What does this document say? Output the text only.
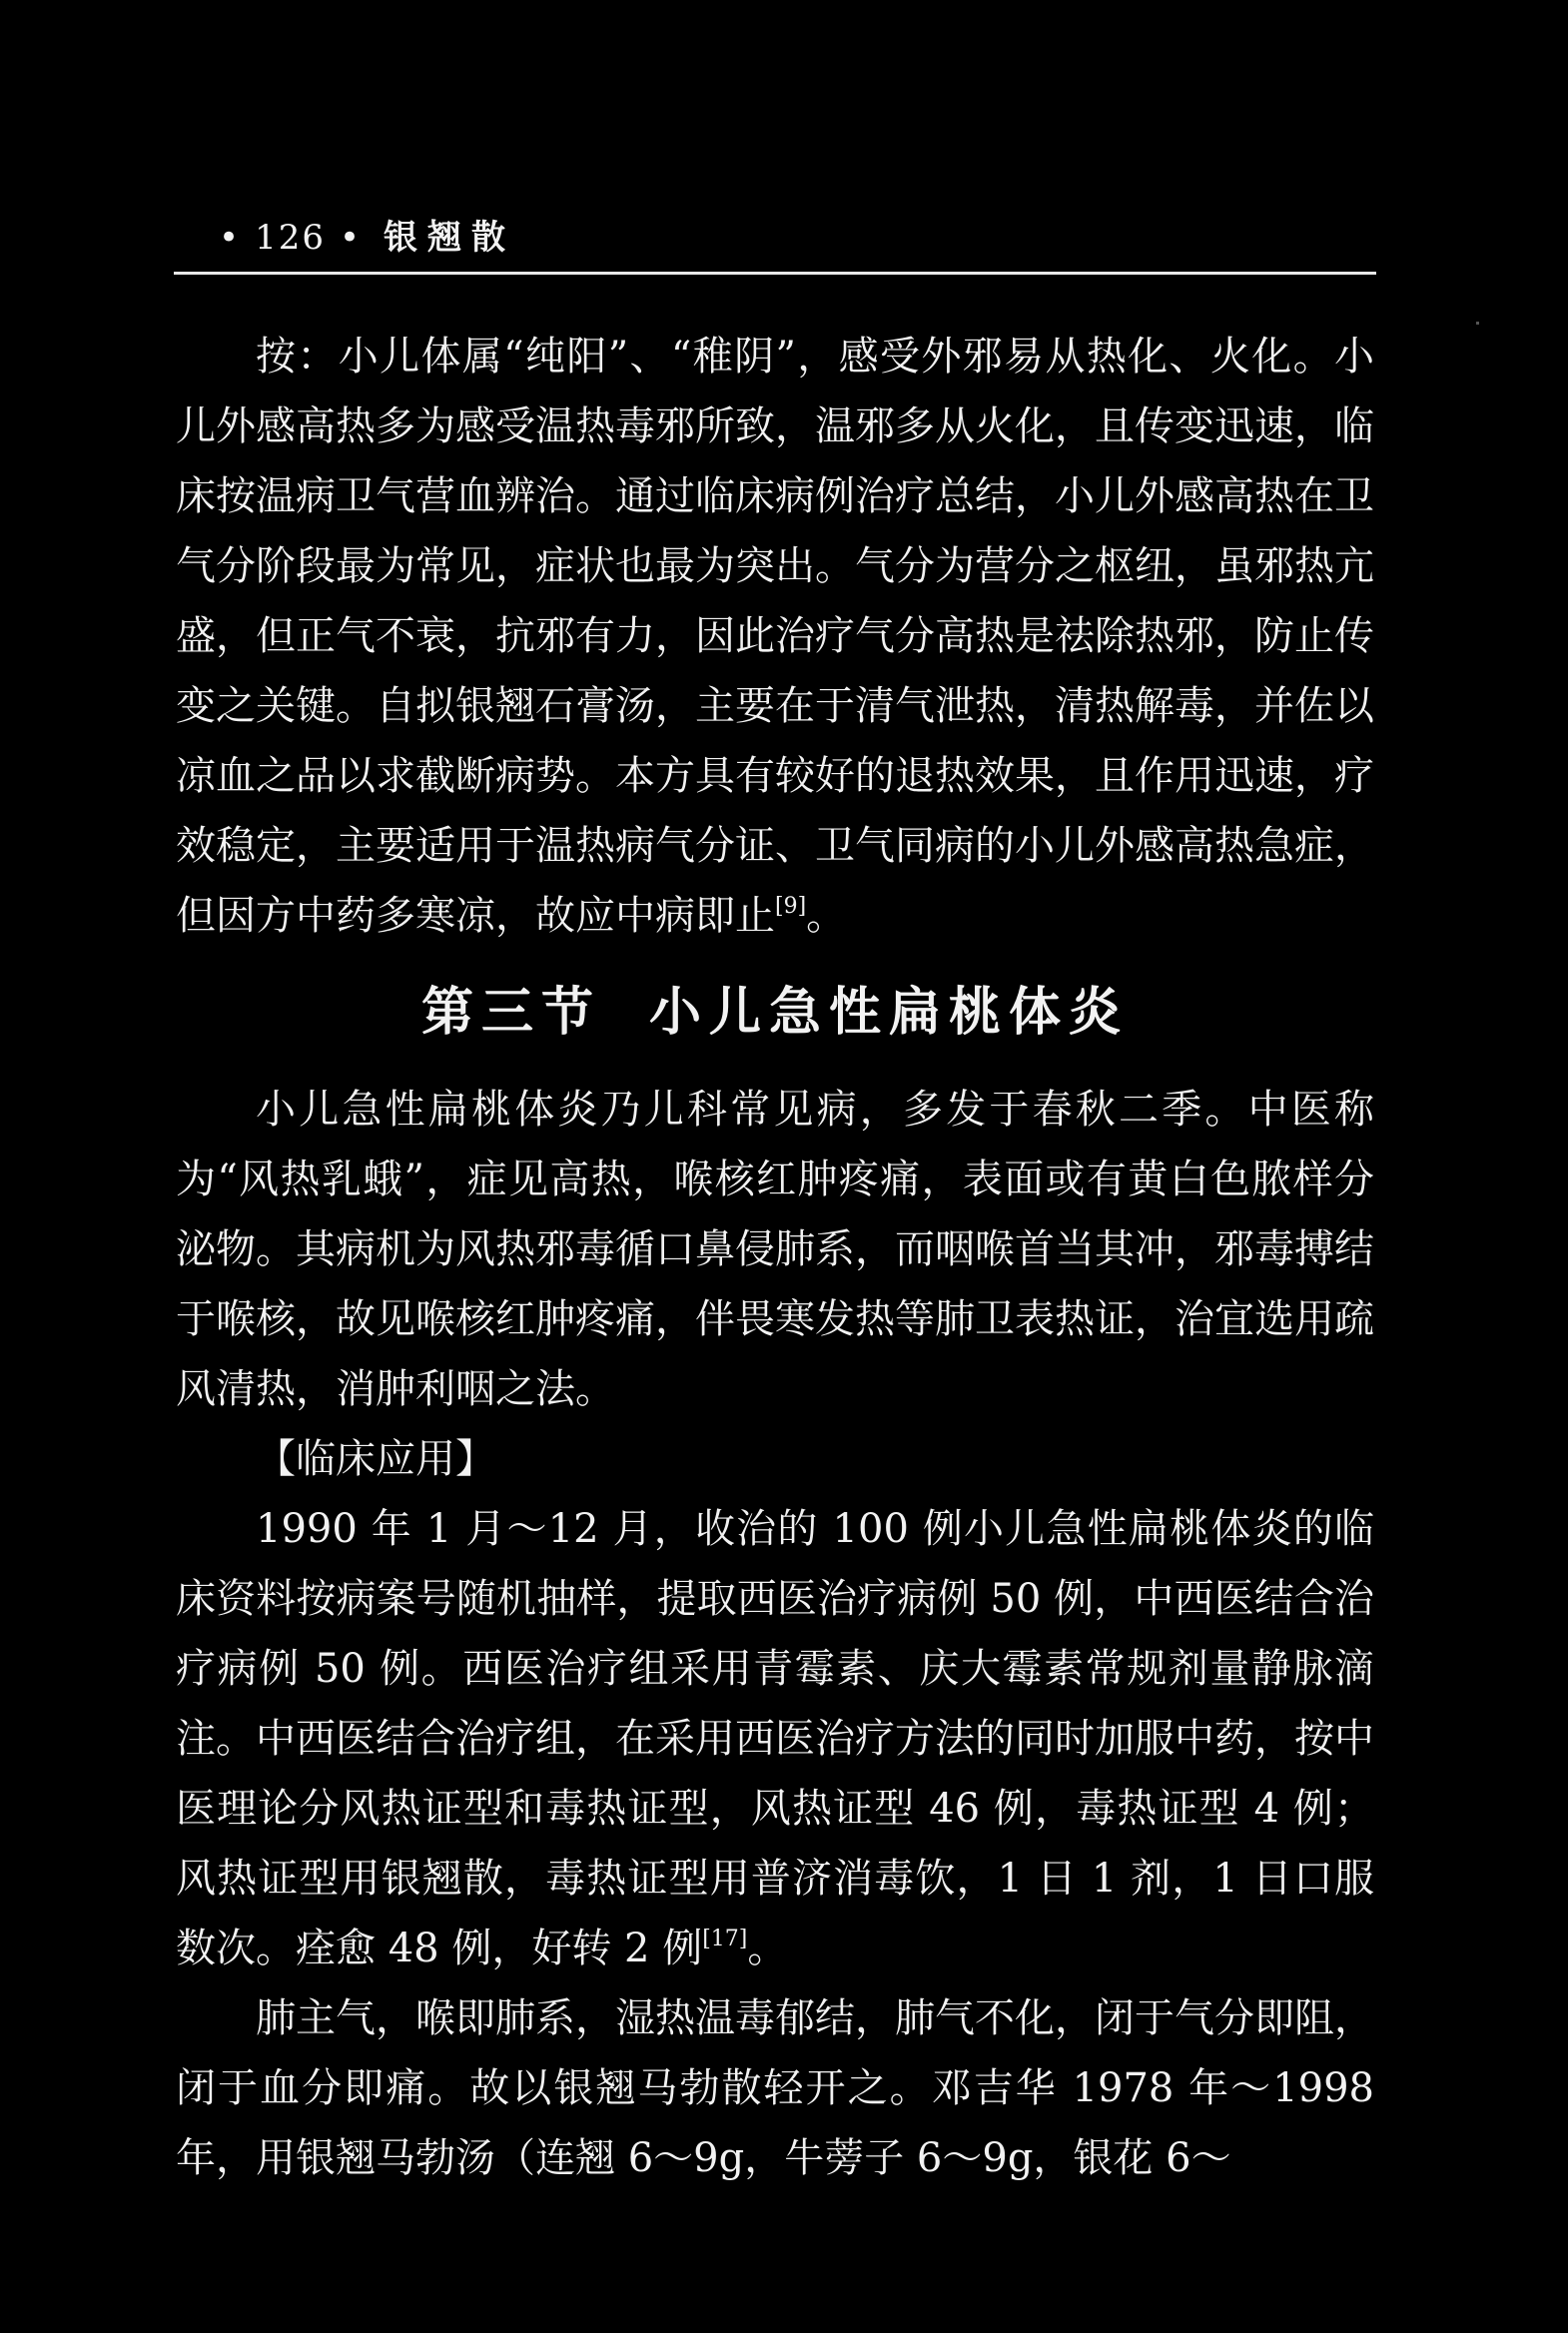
• 126 • 银翘散

按：小儿体属“纯阳”、“稚阴”，感受外邪易从热化、火化。小儿外感高热多为感受温热毒邪所致，温邪多从火化，且传变迅速，临床按温病卫气营血辨治。通过临床病例治疗总结，小儿外感高热在卫气分阶段最为常见，症状也最为突出。气分为营分之枢纽，虽邪热亢盛，但正气不衰，抗邪有力，因此治疗气分高热是祛除热邪，防止传变之关键。自拟银翘石膏汤，主要在于清气泄热，清热解毒，并佐以凉血之品以求截断病势。本方具有较好的退热效果，且作用迅速，疗效稳定，主要适用于温热病气分证、卫气同病的小儿外感高热急症，但因方中药多寒凉，故应中病即止[9]。

第三节 小儿急性扁桃体炎

小儿急性扁桃体炎乃儿科常见病，多发于春秋二季。中医称为“风热乳蛾”，症见高热，喉核红肿疼痛，表面或有黄白色脓样分泌物。其病机为风热邪毒循口鼻侵肺系，而咽喉首当其冲，邪毒搏结于喉核，故见喉核红肿疼痛，伴畏寒发热等肺卫表热证，治宜选用疏风清热，消肿利咽之法。

【临床应用】

1990 年 1 月～12 月，收治的 100 例小儿急性扁桃体炎的临床资料按病案号随机抽样，提取西医治疗病例 50 例，中西医结合治疗病例 50 例。西医治疗组采用青霉素、庆大霉素常规剂量静脉滴注。中西医结合治疗组，在采用西医治疗方法的同时加服中药，按中医理论分风热证型和毒热证型，风热证型 46 例，毒热证型 4 例；风热证型用银翘散，毒热证型用普济消毒饮，1 日 1 剂，1 日口服数次。痊愈 48 例，好转 2 例[17]。

肺主气，喉即肺系，湿热温毒郁结，肺气不化，闭于气分即阻，闭于血分即痛。故以银翘马勃散轻开之。邓吉华 1978 年～1998 年，用银翘马勃汤（连翘 6～9g，牛蒡子 6～9g，银花 6～
